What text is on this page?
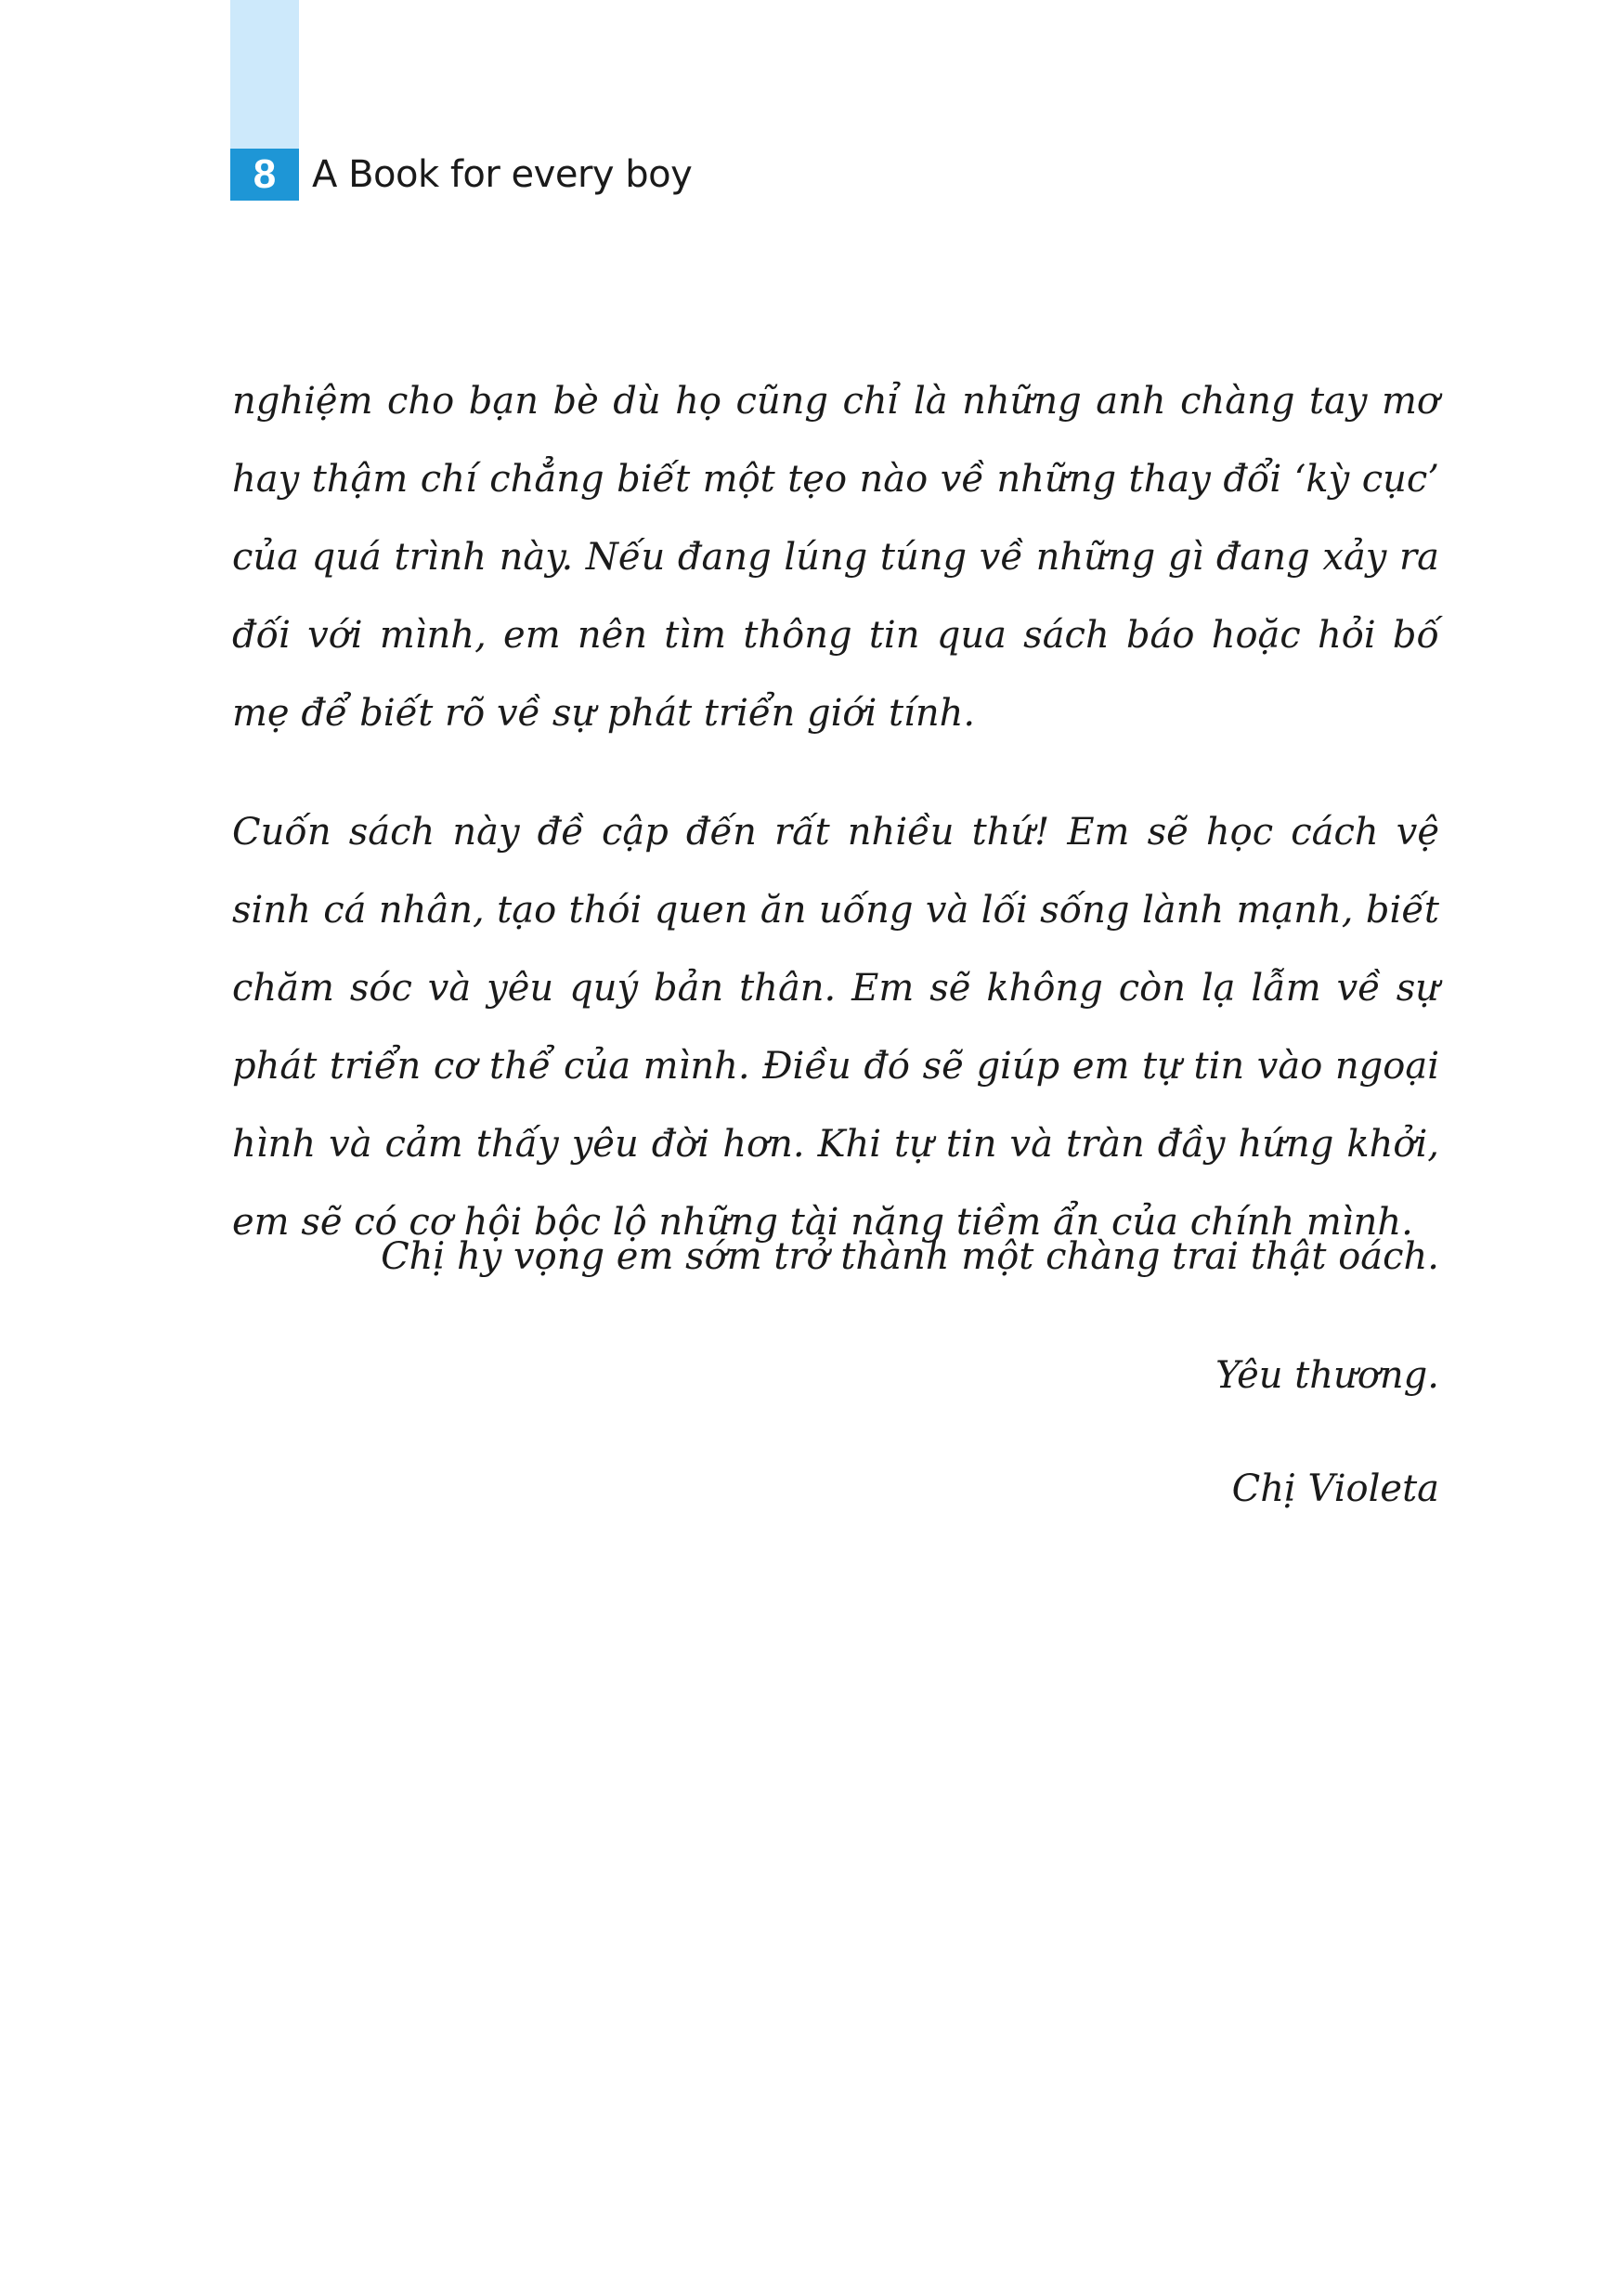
8 A Book for every boy

nghiệm cho bạn bè dù họ cũng chỉ là những anh chàng tay mơ hay thậm chí chẳng biết một tẹo nào về những thay đổi ‘kỳ cục’ của quá trình này. Nếu đang lúng túng về những gì đang xảy ra đối với mình, em nên tìm thông tin qua sách báo hoặc hỏi bố mẹ để biết rõ về sự phát triển giới tính.

Cuốn sách này đề cập đến rất nhiều thứ! Em sẽ học cách vệ sinh cá nhân, tạo thói quen ăn uống và lối sống lành mạnh, biết chăm sóc và yêu quý bản thân. Em sẽ không còn lạ lẫm về sự phát triển cơ thể của mình. Điều đó sẽ giúp em tự tin vào ngoại hình và cảm thấy yêu đời hơn. Khi tự tin và tràn đầy hứng khởi, em sẽ có cơ hội bộc lộ những tài năng tiềm ẩn của chính mình.

Chị hy vọng em sớm trở thành một chàng trai thật oách.
Yêu thương.
Chị Violeta
